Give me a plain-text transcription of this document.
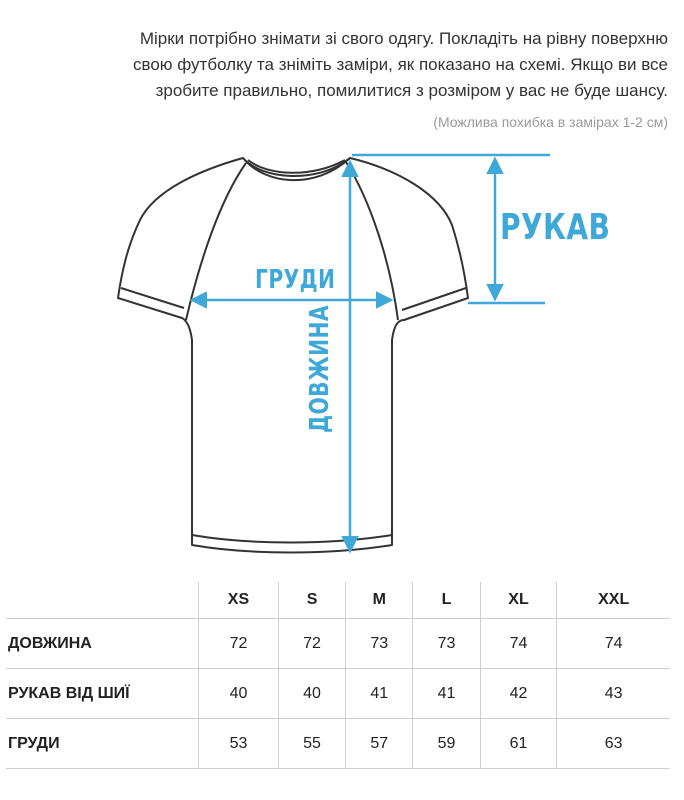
Мірки потрібно знімати зі свого одягу. Покладіть на рівну поверхню
свою футболку та зніміть заміри, як показано на схемі. Якщо ви все
зробите правильно, помилитися з розміром у вас не буде шансу.
(Можлива похибка в замірах 1-2 см)
РУКАВ
ГРУДИ
ДОВЖИНА
	XS	S	M	L	XL	XXL
ДОВЖИНА	72	72	73	73	74	74
РУКАВ ВІД ШИЇ	40	40	41	41	42	43
ГРУДИ	53	55	57	59	61	63
